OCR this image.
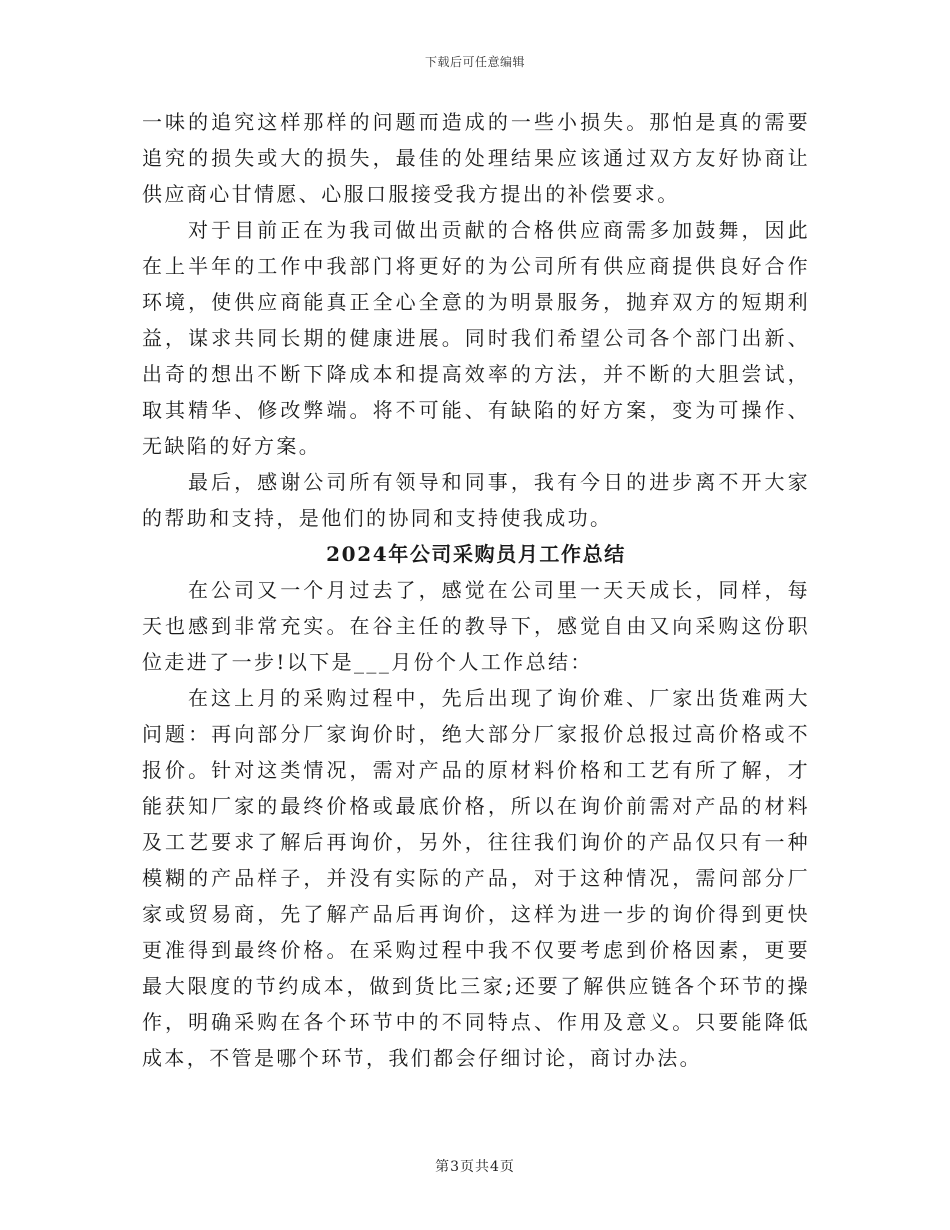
下载后可任意编辑

一味的追究这样那样的问题而造成的一些小损失。那怕是真的需要追究的损失或大的损失，最佳的处理结果应该通过双方友好协商让供应商心甘情愿、心服口服接受我方提出的补偿要求。

对于目前正在为我司做出贡献的合格供应商需多加鼓舞，因此在上半年的工作中我部门将更好的为公司所有供应商提供良好合作环境，使供应商能真正全心全意的为明景服务，抛弃双方的短期利益，谋求共同长期的健康进展。同时我们希望公司各个部门出新、出奇的想出不断下降成本和提高效率的方法，并不断的大胆尝试，取其精华、修改弊端。将不可能、有缺陷的好方案，变为可操作、无缺陷的好方案。

最后，感谢公司所有领导和同事，我有今日的进步离不开大家的帮助和支持，是他们的协同和支持使我成功。

2024年公司采购员月工作总结

在公司又一个月过去了，感觉在公司里一天天成长，同样，每天也感到非常充实。在谷主任的教导下，感觉自由又向采购这份职位走进了一步!以下是___月份个人工作总结：

在这上月的采购过程中，先后出现了询价难、厂家出货难两大问题：再向部分厂家询价时，绝大部分厂家报价总报过高价格或不报价。针对这类情况，需对产品的原材料价格和工艺有所了解，才能获知厂家的最终价格或最底价格，所以在询价前需对产品的材料及工艺要求了解后再询价，另外，往往我们询价的产品仅只有一种模糊的产品样子，并没有实际的产品，对于这种情况，需问部分厂家或贸易商，先了解产品后再询价，这样为进一步的询价得到更快更准得到最终价格。在采购过程中我不仅要考虑到价格因素，更要最大限度的节约成本，做到货比三家;还要了解供应链各个环节的操作，明确采购在各个环节中的不同特点、作用及意义。只要能降低成本，不管是哪个环节，我们都会仔细讨论，商讨办法。

第3页共4页
